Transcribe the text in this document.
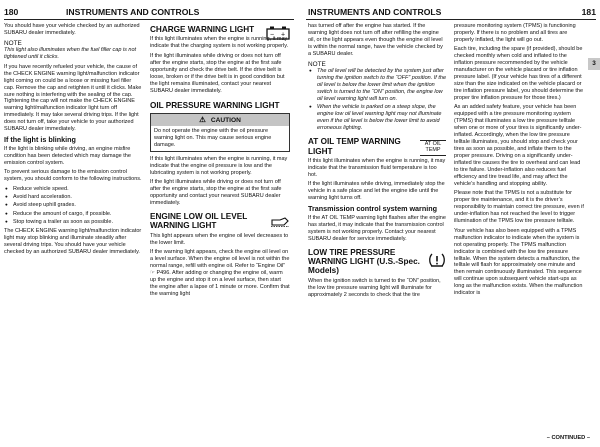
180	INSTRUMENTS AND CONTROLS	INSTRUMENTS AND CONTROLS	181
3

You should have your vehicle checked by an authorized SUBARU dealer immediately.

NOTE

This light also illuminates when the fuel filler cap is not tightened until it clicks.

If you have recently refueled your vehicle, the cause of the CHECK ENGINE warning light/malfunction indicator light coming on could be a loose or missing fuel filler cap. Remove the cap and retighten it until it clicks. Make sure nothing is interfering with the sealing of the cap. Tightening the cap will not make the CHECK ENGINE warning light/malfunction indicator light turn off immediately. It may take several driving trips. If the light does not turn off, take your vehicle to your authorized SUBARU dealer immediately.

If the light is blinking

If the light is blinking while driving, an engine misfire condition has been detected which may damage the emission control system.

To prevent serious damage to the emission control system, you should conform to the following instructions.

● Reduce vehicle speed.
● Avoid hard acceleration.
● Avoid steep uphill grades.
● Reduce the amount of cargo, if possible.
● Stop towing a trailer as soon as possible.

The CHECK ENGINE warning light/malfunction indicator light may stop blinking and illuminate steadily after several driving trips. You should have your vehicle checked by an authorized SUBARU dealer immediately.

CHARGE WARNING LIGHT
− +

If this light illuminates when the engine is running, it may indicate that the charging system is not working properly.

If the light illuminates while driving or does not turn off after the engine starts, stop the engine at the first safe opportunity and check the drive belt. If the drive belt is loose, broken or if the drive belt is in good condition but the light remains illuminated, contact your nearest SUBARU dealer immediately.

OIL PRESSURE WARNING LIGHT
⚠ CAUTION
Do not operate the engine with the oil pressure warning light on. This may cause serious engine damage.

If this light illuminates when the engine is running, it may indicate that the engine oil pressure is low and the lubricating system is not working properly.

If the light illuminates while driving or does not turn off after the engine starts, stop the engine at the first safe opportunity and contact your nearest SUBARU dealer immediately.

ENGINE LOW OIL LEVEL WARNING LIGHT

This light appears when the engine oil level decreases to the lower limit.

If the warning light appears, check the engine oil level on a level surface. When the engine oil level is not within the normal range, refill with engine oil. Refer to “Engine Oil” ☞ P496. After adding or changing the engine oil, warm up the engine and stop it on a level surface, then start the engine after a lapse of 1 minute or more. Confirm that the warning light

has turned off after the engine has started. If the warning light does not turn off after refilling the engine oil, or the light appears even though the engine oil level is within the normal range, have the vehicle checked by a SUBARU dealer.

NOTE
● The oil level will be detected by the system just after turning the ignition switch to the “OFF” position. If the oil level is below the lower limit when the ignition switch is turned to the “ON” position, the engine low oil level warning light will turn on.
● When the vehicle is parked on a steep slope, the engine low oil level warning light may not illuminate even if the oil level is below the lower limit to avoid erroneous lighting.
AT OIL TEMP WARNING LIGHT
AT OIL TEMP

If this light illuminates when the engine is running, it may indicate that the transmission fluid temperature is too hot.

If the light illuminates while driving, immediately stop the vehicle in a safe place and let the engine idle until the warning light turns off.

Transmission control system warning

If the AT OIL TEMP warning light flashes after the engine has started, it may indicate that the transmission control system is not working properly. Contact your nearest SUBARU dealer for service immediately.

LOW TIRE PRESSURE WARNING LIGHT (U.S.-Spec. Models)

When the ignition switch is turned to the “ON” position, the low tire pressure warning light will illuminate for approximately 2 seconds to check that the tire

pressure monitoring system (TPMS) is functioning properly. If there is no problem and all tires are properly inflated, the light will go out.

Each tire, including the spare (if provided), should be checked monthly when cold and inflated to the inflation pressure recommended by the vehicle manufacturer on the vehicle placard or tire inflation pressure label. (If your vehicle has tires of a different size than the size indicated on the vehicle placard or tire inflation pressure label, you should determine the proper tire inflation pressure for those tires.)

As an added safety feature, your vehicle has been equipped with a tire pressure monitoring system (TPMS) that illuminates a low tire pressure telltale when one or more of your tires is significantly under-inflated. Accordingly, when the low tire pressure telltale illuminates, you should stop and check your tires as soon as possible, and inflate them to the proper pressure. Driving on a significantly under-inflated tire causes the tire to overheat and can lead to tire failure. Under-inflation also reduces fuel efficiency and tire tread life, and may affect the vehicle’s handling and stopping ability.

Please note that the TPMS is not a substitute for proper tire maintenance, and it is the driver’s responsibility to maintain correct tire pressure, even if under-inflation has not reached the level to trigger illumination of the TPMS low tire pressure telltale.

Your vehicle has also been equipped with a TPMS malfunction indicator to indicate when the system is not operating properly. The TPMS malfunction indicator is combined with the low tire pressure telltale. When the system detects a malfunction, the telltale will flash for approximately one minute and then remain continuously illuminated. This sequence will continue upon subsequent vehicle start-ups as long as the malfunction exists. When the malfunction indicator is

– CONTINUED –
